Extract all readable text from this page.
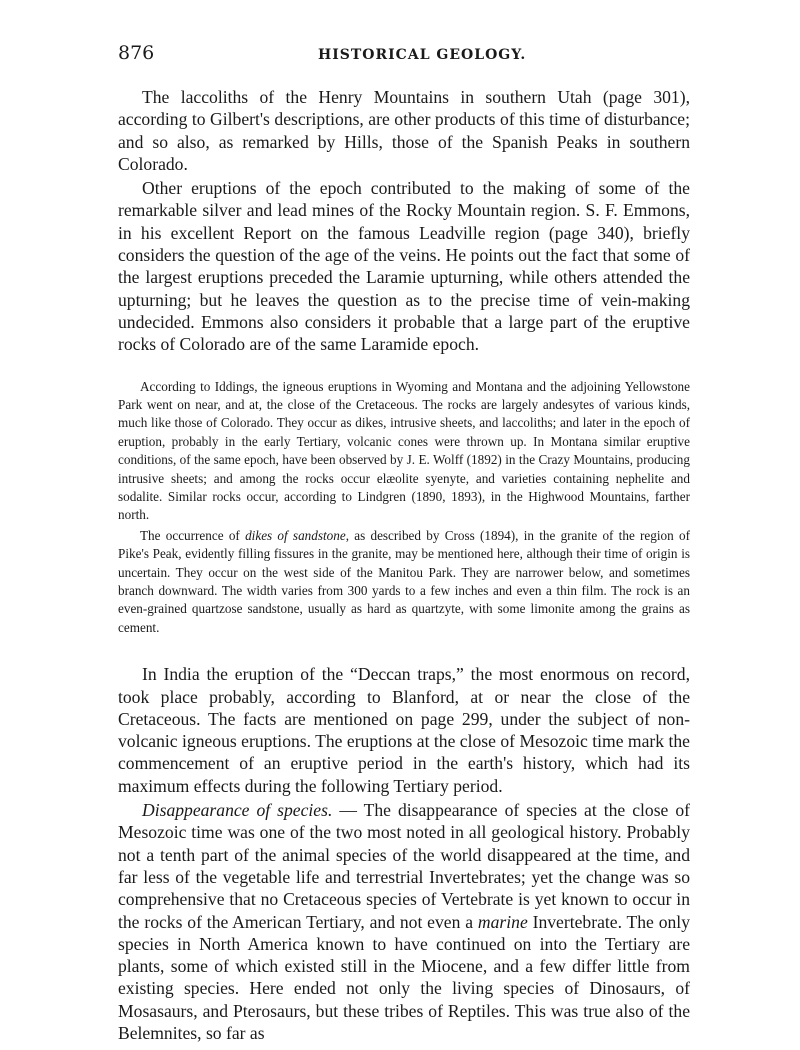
876	HISTORICAL GEOLOGY.

The laccoliths of the Henry Mountains in southern Utah (page 301), according to Gilbert's descriptions, are other products of this time of disturbance; and so also, as remarked by Hills, those of the Spanish Peaks in southern Colorado.

Other eruptions of the epoch contributed to the making of some of the remarkable silver and lead mines of the Rocky Mountain region. S. F. Emmons, in his excellent Report on the famous Leadville region (page 340), briefly considers the question of the age of the veins. He points out the fact that some of the largest eruptions preceded the Laramie upturning, while others attended the upturning; but he leaves the question as to the precise time of vein-making undecided. Emmons also considers it probable that a large part of the eruptive rocks of Colorado are of the same Laramide epoch.

According to Iddings, the igneous eruptions in Wyoming and Montana and the adjoining Yellowstone Park went on near, and at, the close of the Cretaceous. The rocks are largely andesytes of various kinds, much like those of Colorado. They occur as dikes, intrusive sheets, and laccoliths; and later in the epoch of eruption, probably in the early Tertiary, volcanic cones were thrown up. In Montana similar eruptive conditions, of the same epoch, have been observed by J. E. Wolff (1892) in the Crazy Mountains, producing intrusive sheets; and among the rocks occur elæolite syenyte, and varieties containing nephelite and sodalite. Similar rocks occur, according to Lindgren (1890, 1893), in the Highwood Mountains, farther north.

The occurrence of dikes of sandstone, as described by Cross (1894), in the granite of the region of Pike's Peak, evidently filling fissures in the granite, may be mentioned here, although their time of origin is uncertain. They occur on the west side of the Manitou Park. They are narrower below, and sometimes branch downward. The width varies from 300 yards to a few inches and even a thin film. The rock is an even-grained quartzose sandstone, usually as hard as quartzyte, with some limonite among the grains as cement.

In India the eruption of the “Deccan traps,” the most enormous on record, took place probably, according to Blanford, at or near the close of the Cretaceous. The facts are mentioned on page 299, under the subject of non-volcanic igneous eruptions. The eruptions at the close of Mesozoic time mark the commencement of an eruptive period in the earth's history, which had its maximum effects during the following Tertiary period.

Disappearance of species. — The disappearance of species at the close of Mesozoic time was one of the two most noted in all geological history. Probably not a tenth part of the animal species of the world disappeared at the time, and far less of the vegetable life and terrestrial Invertebrates; yet the change was so comprehensive that no Cretaceous species of Vertebrate is yet known to occur in the rocks of the American Tertiary, and not even a marine Invertebrate. The only species in North America known to have continued on into the Tertiary are plants, some of which existed still in the Miocene, and a few differ little from existing species. Here ended not only the living species of Dinosaurs, of Mosasaurs, and Pterosaurs, but these tribes of Reptiles. This was true also of the Belemnites, so far as
